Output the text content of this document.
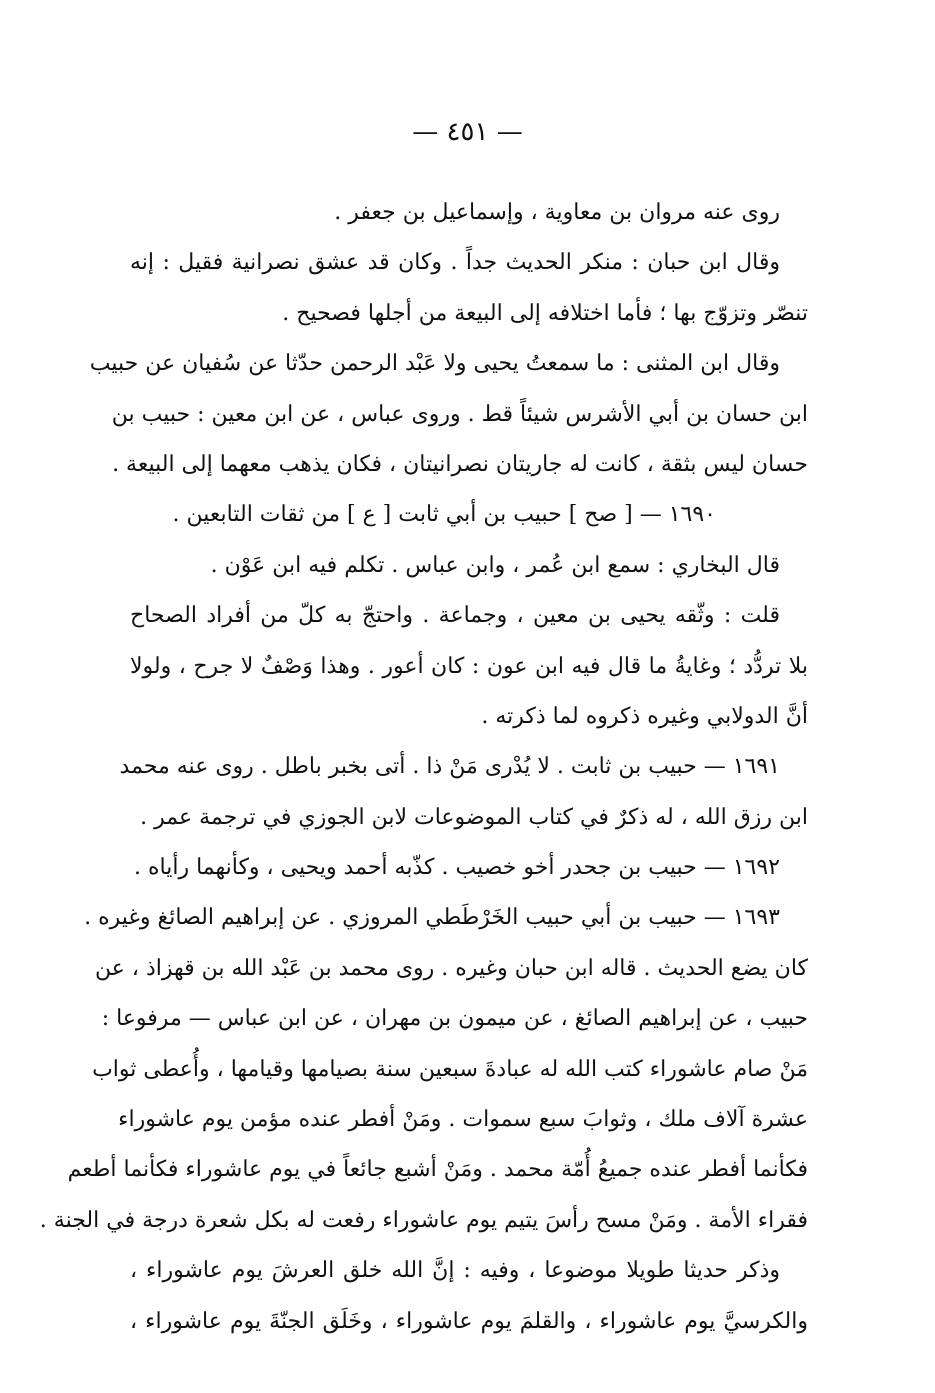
— ٤٥١ —
روى عنه مروان بن معاوية ، وإسماعيل بن جعفر .
وقال ابن حبان : منكر الحديث جداً . وكان قد عشق نصرانية فقيل : إنه
تنصّر وتزوّج بها ؛ فأما اختلافه إلى البيعة من أجلها فصحيح .
وقال ابن المثنى : ما سمعتُ يحيى ولا عَبْد الرحمن حدّثا عن سُفيان عن حبيب
ابن حسان بن أبي الأشرس شيئاً قط . وروى عباس ، عن ابن معين : حبيب بن
حسان ليس بثقة ، كانت له جاريتان نصرانيتان ، فكان يذهب معهما إلى البيعة .
١٦٩٠ — [ صح ] حبيب بن أبي ثابت [ ع ] من ثقات التابعين .
قال البخاري : سمع ابن عُمر ، وابن عباس . تكلم فيه ابن عَوْن .
قلت : وثّقه يحيى بن معين ، وجماعة . واحتجّ به كلّ من أفراد الصحاح
بلا تردُّد ؛ وغايةُ ما قال فيه ابن عون : كان أعور . وهذا وَصْفٌ لا جرح ، ولولا
أنَّ الدولابي وغيره ذكروه لما ذكرته .
١٦٩١ — حبيب بن ثابت . لا يُدْرى مَنْ ذا . أتى بخبر باطل . روى عنه محمد
ابن رزق الله ، له ذكرٌ في كتاب الموضوعات لابن الجوزي في ترجمة عمر .
١٦٩٢ — حبيب بن جحدر أخو خصيب . كذّبه أحمد ويحيى ، وكأنهما رأياه .
١٦٩٣ — حبيب بن أبي حبيب الخَرْطَطي المروزي . عن إبراهيم الصائغ وغيره .
كان يضع الحديث . قاله ابن حبان وغيره . روى محمد بن عَبْد الله بن قهزاذ ، عن
حبيب ، عن إبراهيم الصائغ ، عن ميمون بن مهران ، عن ابن عباس — مرفوعا :
مَنْ صام عاشوراء كتب الله له عبادةَ سبعين سنة بصيامها وقيامها ، وأُعطى ثواب
عشرة آلاف ملك ، وثوابَ سبع سموات . ومَنْ أفطر عنده مؤمن يوم عاشوراء
فكأنما أفطر عنده جميعُ أُمّة محمد . ومَنْ أشبع جائعاً في يوم عاشوراء فكأنما أطعم
فقراء الأمة . ومَنْ مسح رأسَ يتيم يوم عاشوراء رفعت له بكل شعرة درجة في الجنة .
وذكر حديثا طويلا موضوعا ، وفيه : إنَّ الله خلق العرشَ يوم عاشوراء ،
والكرسيَّ يوم عاشوراء ، والقلمَ يوم عاشوراء ، وخَلَق الجنّةَ يوم عاشوراء ،
